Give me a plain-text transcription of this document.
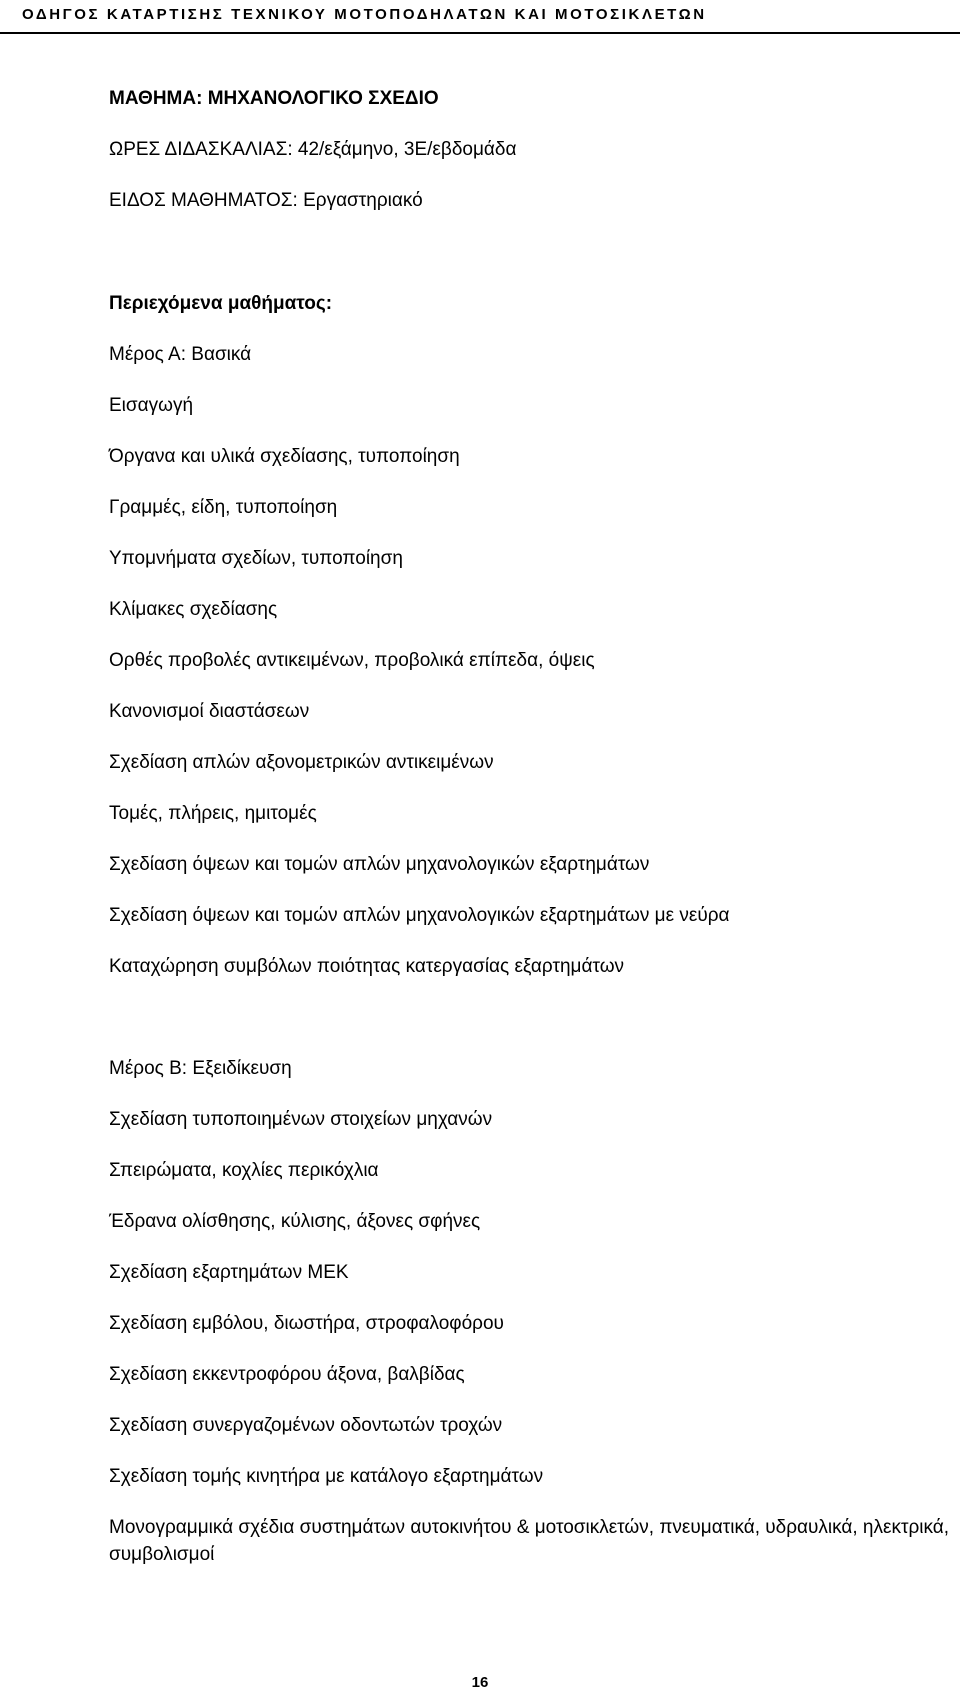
ΟΔΗΓΟΣ ΚΑΤΑΡΤΙΣΗΣ ΤΕΧΝΙΚΟΥ ΜΟΤΟΠΟΔΗΛΑΤΩΝ ΚΑΙ ΜΟΤΟΣΙΚΛΕΤΩΝ
ΜΑΘΗΜΑ: ΜΗΧΑΝΟΛΟΓΙΚΟ ΣΧΕΔΙΟ
ΩΡΕΣ ΔΙΔΑΣΚΑΛΙΑΣ: 42/εξάμηνο, 3Ε/εβδομάδα
ΕΙΔΟΣ ΜΑΘΗΜΑΤΟΣ: Εργαστηριακό
Περιεχόμενα μαθήματος:
Μέρος Α: Βασικά
Εισαγωγή
Όργανα και υλικά σχεδίασης, τυποποίηση
Γραμμές, είδη, τυποποίηση
Υπομνήματα σχεδίων, τυποποίηση
Κλίμακες σχεδίασης
Ορθές προβολές αντικειμένων, προβολικά επίπεδα, όψεις
Κανονισμοί διαστάσεων
Σχεδίαση απλών αξονομετρικών αντικειμένων
Τομές, πλήρεις, ημιτομές
Σχεδίαση όψεων και τομών απλών μηχανολογικών εξαρτημάτων
Σχεδίαση όψεων και τομών απλών μηχανολογικών εξαρτημάτων με νεύρα
Καταχώρηση συμβόλων ποιότητας κατεργασίας εξαρτημάτων
Μέρος Β: Εξειδίκευση
Σχεδίαση τυποποιημένων στοιχείων μηχανών
Σπειρώματα, κοχλίες περικόχλια
Έδρανα ολίσθησης, κύλισης, άξονες σφήνες
Σχεδίαση εξαρτημάτων ΜΕΚ
Σχεδίαση εμβόλου, διωστήρα, στροφαλοφόρου
Σχεδίαση εκκεντροφόρου άξονα, βαλβίδας
Σχεδίαση συνεργαζομένων οδοντωτών τροχών
Σχεδίαση τομής κινητήρα με κατάλογο εξαρτημάτων
Μονογραμμικά σχέδια συστημάτων αυτοκινήτου & μοτοσικλετών, πνευματικά, υδραυλικά, ηλεκτρικά, συμβολισμοί
16
